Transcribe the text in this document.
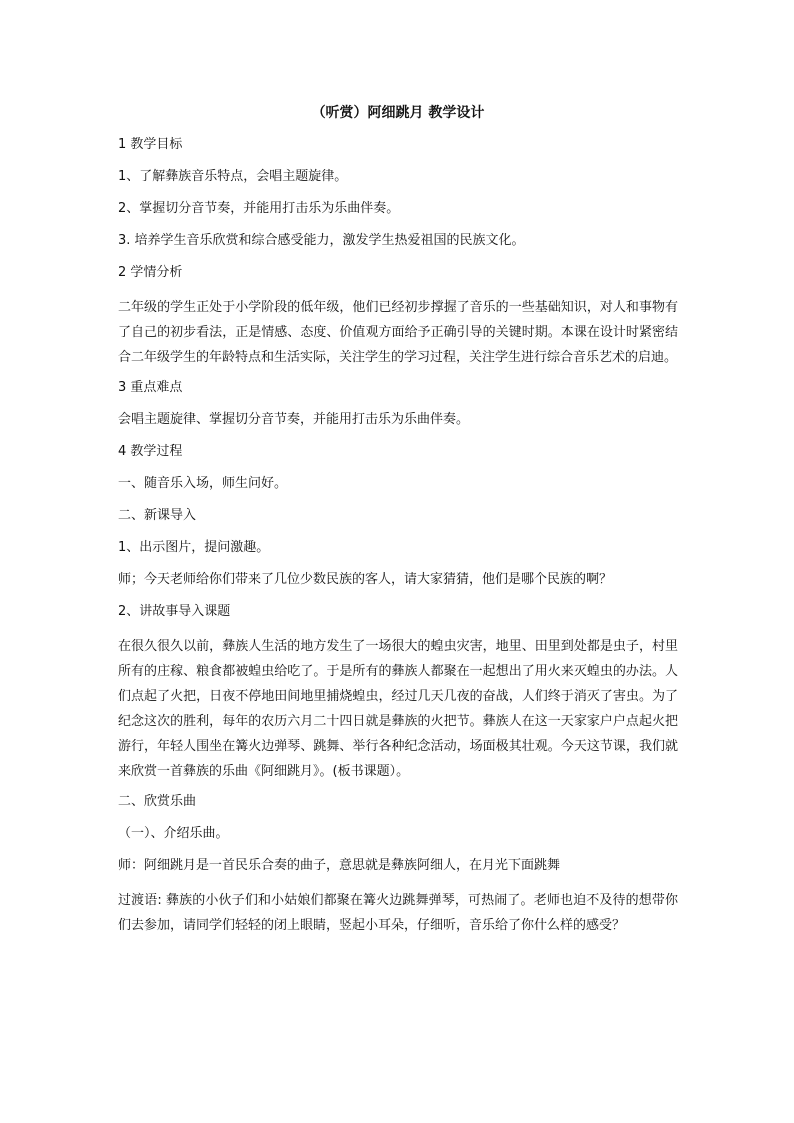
（听赏）阿细跳月 教学设计
1 教学目标
1、了解彝族音乐特点，会唱主题旋律。
2、掌握切分音节奏，并能用打击乐为乐曲伴奏。
3. 培养学生音乐欣赏和综合感受能力，激发学生热爱祖国的民族文化。
2 学情分析
二年级的学生正处于小学阶段的低年级，他们已经初步撑握了音乐的一些基础知识，对人和事物有了自己的初步看法，正是情感、态度、价值观方面给予正确引导的关键时期。本课在设计时紧密结合二年级学生的年龄特点和生活实际，关注学生的学习过程，关注学生进行综合音乐艺术的启迪。
3 重点难点
会唱主题旋律、掌握切分音节奏，并能用打击乐为乐曲伴奏。
4 教学过程
一、随音乐入场，师生问好。
二、新课导入
1、出示图片，提问激趣。
师；今天老师给你们带来了几位少数民族的客人，请大家猜猜，他们是哪个民族的啊？
2、讲故事导入课题
在很久很久以前，彝族人生活的地方发生了一场很大的蝗虫灾害，地里、田里到处都是虫子，村里所有的庄稼、粮食都被蝗虫给吃了。于是所有的彝族人都聚在一起想出了用火来灭蝗虫的办法。人们点起了火把，日夜不停地田间地里捕烧蝗虫，经过几天几夜的奋战，人们终于消灭了害虫。为了纪念这次的胜利，每年的农历六月二十四日就是彝族的火把节。彝族人在这一天家家户户点起火把游行，年轻人围坐在篝火边弹琴、跳舞、举行各种纪念活动，场面极其壮观。今天这节课，我们就来欣赏一首彝族的乐曲《阿细跳月》。(板书课题）。
二、欣赏乐曲
（一）、介绍乐曲。
师：阿细跳月是一首民乐合奏的曲子，意思就是彝族阿细人，在月光下面跳舞
过渡语: 彝族的小伙子们和小姑娘们都聚在篝火边跳舞弹琴，可热闹了。老师也迫不及待的想带你们去参加，请同学们轻轻的闭上眼睛，竖起小耳朵，仔细听，音乐给了你什么样的感受？
